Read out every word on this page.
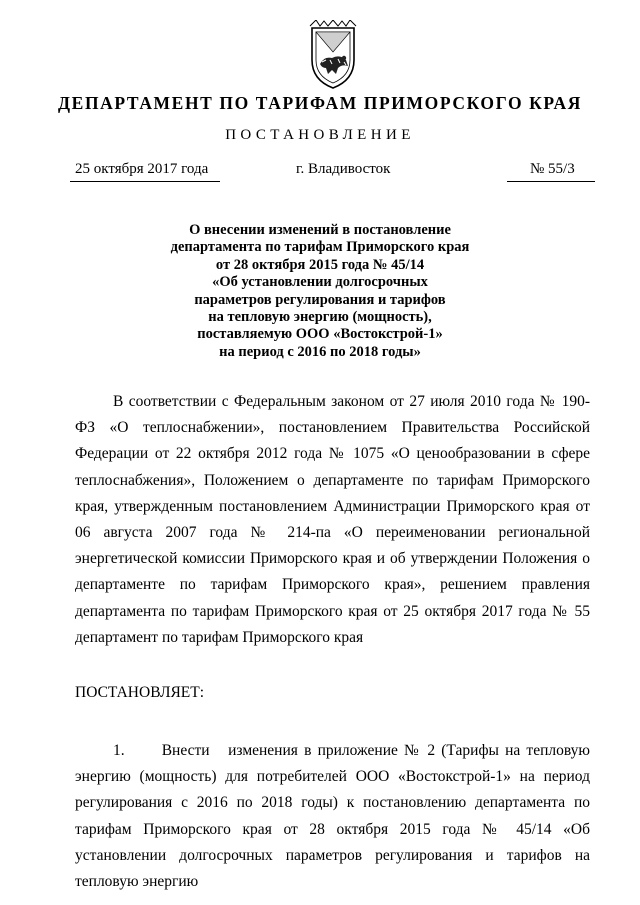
ДЕПАРТАМЕНТ ПО ТАРИФАМ ПРИМОРСКОГО КРАЯ
ПОСТАНОВЛЕНИЕ
25 октября 2017 года	г. Владивосток	№ 55/3
О внесении изменений в постановление
департамента по тарифам Приморского края
от 28 октября 2015 года № 45/14
«Об установлении долгосрочных
параметров регулирования и тарифов
на тепловую энергию (мощность),
поставляемую ООО «Востокстрой-1»
на период с 2016 по 2018 годы»
В соответствии с Федеральным законом от 27 июля 2010 года № 190-ФЗ «О теплоснабжении», постановлением Правительства Российской Федерации от 22 октября 2012 года № 1075 «О ценообразовании в сфере теплоснабжения», Положением о департаменте по тарифам Приморского края, утвержденным постановлением Администрации Приморского края от 06 августа 2007 года № 214-па «О переименовании региональной энергетической комиссии Приморского края и об утверждении Положения о департаменте по тарифам Приморского края», решением правления департамента по тарифам Приморского края от 25 октября 2017 года № 55 департамент по тарифам Приморского края
ПОСТАНОВЛЯЕТ:
1.      Внести   изменения в приложение № 2 (Тарифы на тепловую энергию (мощность) для потребителей ООО «Востокстрой-1» на период регулирования с 2016 по 2018 годы) к постановлению департамента по тарифам Приморского края от 28 октября 2015 года № 45/14 «Об установлении долгосрочных параметров регулирования и тарифов на тепловую энергию
